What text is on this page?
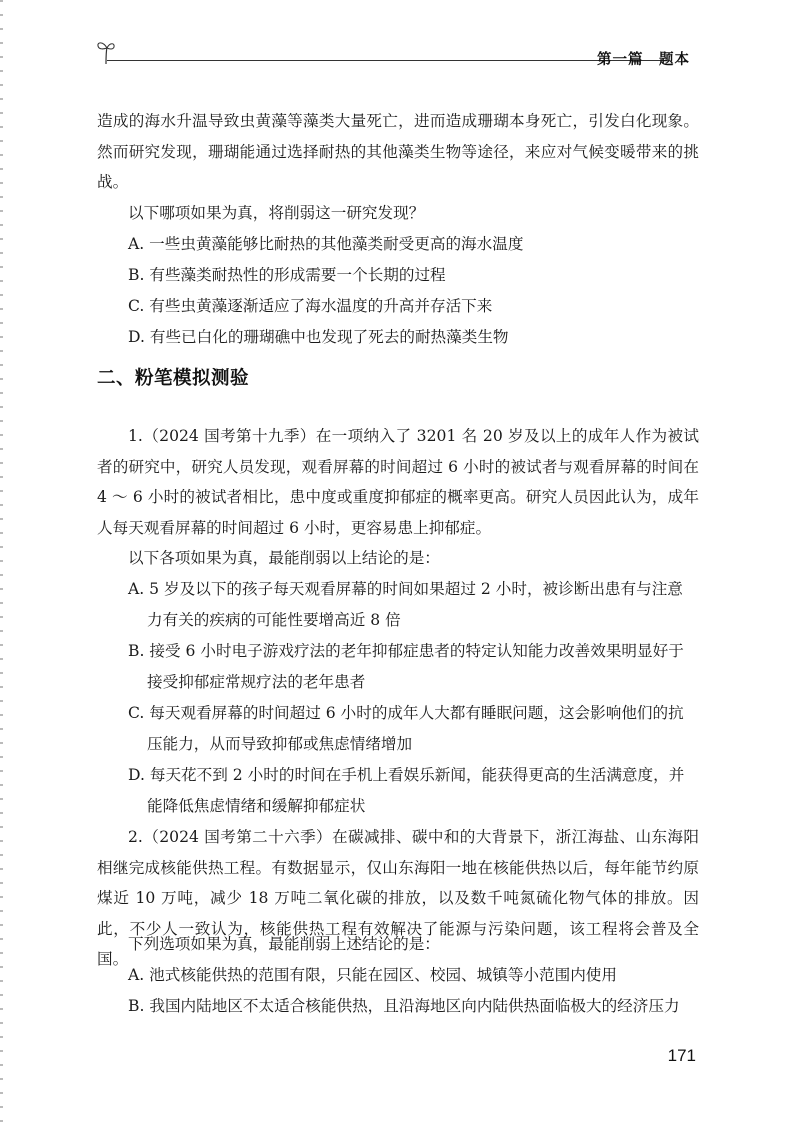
第一篇　题本

造成的海水升温导致虫黄藻等藻类大量死亡，进而造成珊瑚本身死亡，引发白化现象。然而研究发现，珊瑚能通过选择耐热的其他藻类生物等途径，来应对气候变暖带来的挑战。

以下哪项如果为真，将削弱这一研究发现？

A. 一些虫黄藻能够比耐热的其他藻类耐受更高的海水温度

B. 有些藻类耐热性的形成需要一个长期的过程

C. 有些虫黄藻逐渐适应了海水温度的升高并存活下来

D. 有些已白化的珊瑚礁中也发现了死去的耐热藻类生物

二、粉笔模拟测验

1.（2024 国考第十九季）在一项纳入了 3201 名 20 岁及以上的成年人作为被试者的研究中，研究人员发现，观看屏幕的时间超过 6 小时的被试者与观看屏幕的时间在 4 ～ 6 小时的被试者相比，患中度或重度抑郁症的概率更高。研究人员因此认为，成年人每天观看屏幕的时间超过 6 小时，更容易患上抑郁症。

以下各项如果为真，最能削弱以上结论的是：

A. 5 岁及以下的孩子每天观看屏幕的时间如果超过 2 小时，被诊断出患有与注意
力有关的疾病的可能性要增高近 8 倍
B. 接受 6 小时电子游戏疗法的老年抑郁症患者的特定认知能力改善效果明显好于
接受抑郁症常规疗法的老年患者
C. 每天观看屏幕的时间超过 6 小时的成年人大都有睡眠问题，这会影响他们的抗
压能力，从而导致抑郁或焦虑情绪增加
D. 每天花不到 2 小时的时间在手机上看娱乐新闻，能获得更高的生活满意度，并
能降低焦虑情绪和缓解抑郁症状

2.（2024 国考第二十六季）在碳减排、碳中和的大背景下，浙江海盐、山东海阳相继完成核能供热工程。有数据显示，仅山东海阳一地在核能供热以后，每年能节约原煤近 10 万吨，减少 18 万吨二氧化碳的排放，以及数千吨氮硫化物气体的排放。因此，不少人一致认为，核能供热工程有效解决了能源与污染问题，该工程将会普及全国。

下列选项如果为真，最能削弱上述结论的是：

A. 池式核能供热的范围有限，只能在园区、校园、城镇等小范围内使用

B. 我国内陆地区不太适合核能供热，且沿海地区向内陆供热面临极大的经济压力

171
